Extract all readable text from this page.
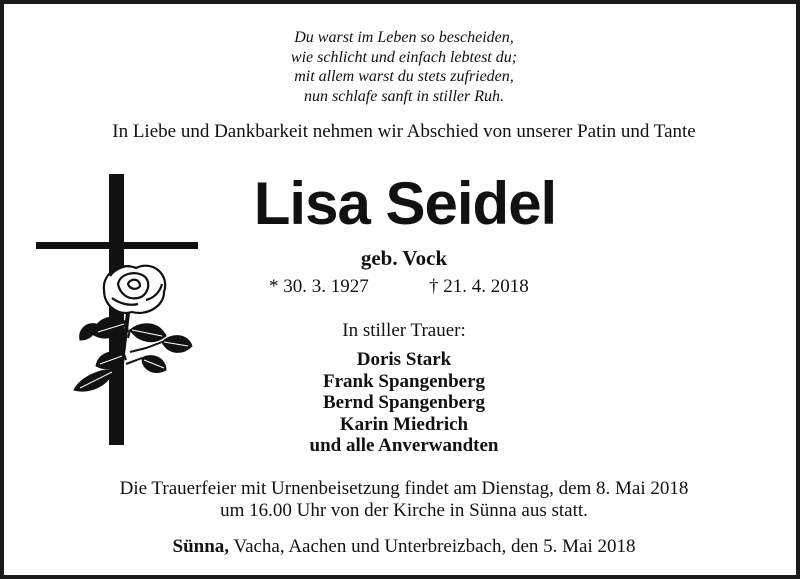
Du warst im Leben so bescheiden,
wie schlicht und einfach lebtest du;
mit allem warst du stets zufrieden,
nun schlafe sanft in stiller Ruh.
In Liebe und Dankbarkeit nehmen wir Abschied von unserer Patin und Tante
Lisa Seidel
geb. Vock
* 30. 3. 1927	† 21. 4. 2018
In stiller Trauer:
Doris Stark
Frank Spangenberg
Bernd Spangenberg
Karin Miedrich
und alle Anverwandten
Die Trauerfeier mit Urnenbeisetzung findet am Dienstag, dem 8. Mai 2018
um 16.00 Uhr von der Kirche in Sünna aus statt.
Sünna, Vacha, Aachen und Unterbreizbach, den 5. Mai 2018
